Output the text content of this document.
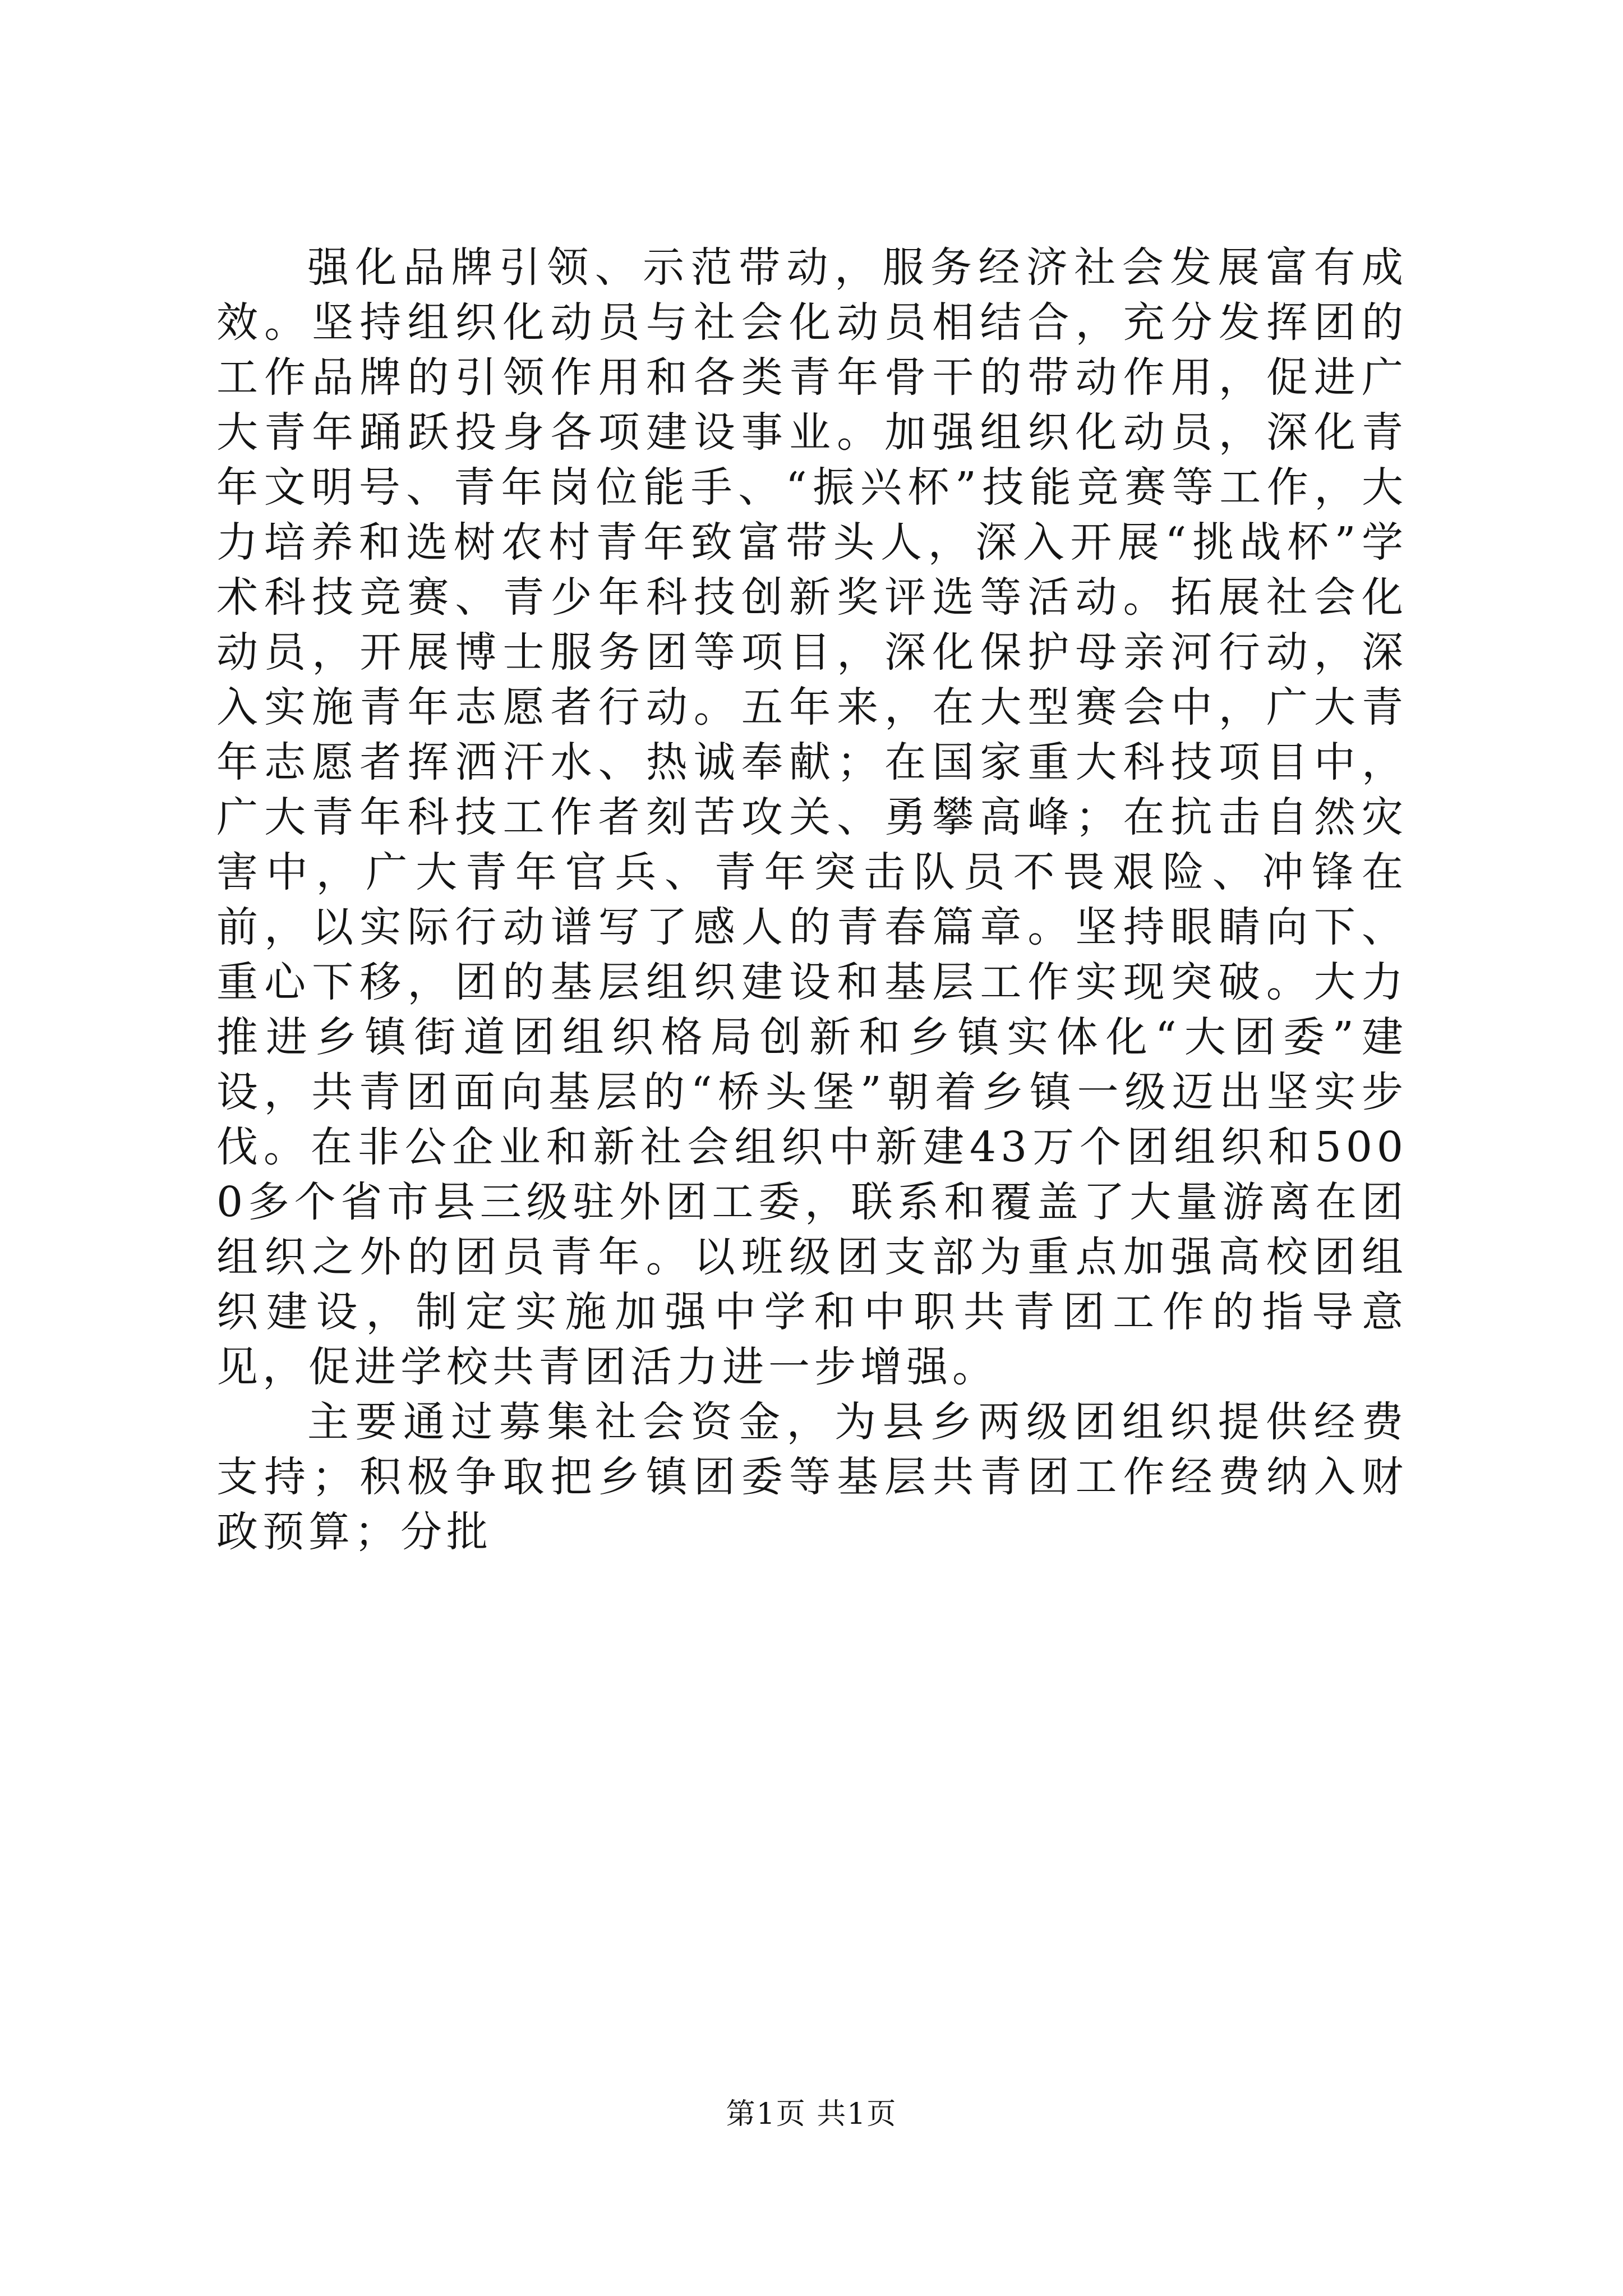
强化品牌引领、示范带动，服务经济社会发展富有成效。坚持组织化动员与社会化动员相结合，充分发挥团的工作品牌的引领作用和各类青年骨干的带动作用，促进广大青年踊跃投身各项建设事业。加强组织化动员，深化青年文明号、青年岗位能手、“振兴杯”技能竞赛等工作，大力培养和选树农村青年致富带头人，深入开展“挑战杯”学术科技竞赛、青少年科技创新奖评选等活动。拓展社会化动员，开展博士服务团等项目，深化保护母亲河行动，深入实施青年志愿者行动。五年来，在大型赛会中，广大青年志愿者挥洒汗水、热诚奉献；在国家重大科技项目中，广大青年科技工作者刻苦攻关、勇攀高峰；在抗击自然灾害中，广大青年官兵、青年突击队员不畏艰险、冲锋在前，以实际行动谱写了感人的青春篇章。坚持眼睛向下、重心下移，团的基层组织建设和基层工作实现突破。大力推进乡镇街道团组织格局创新和乡镇实体化“大团委”建设，共青团面向基层的“桥头堡”朝着乡镇一级迈出坚实步伐。在非公企业和新社会组织中新建43万个团组织和5000多个省市县三级驻外团工委，联系和覆盖了大量游离在团组织之外的团员青年。以班级团支部为重点加强高校团组织建设，制定实施加强中学和中职共青团工作的指导意见，促进学校共青团活力进一步增强。

主要通过募集社会资金，为县乡两级团组织提供经费支持；积极争取把乡镇团委等基层共青团工作经费纳入财政预算；分批

第1页 共1页
